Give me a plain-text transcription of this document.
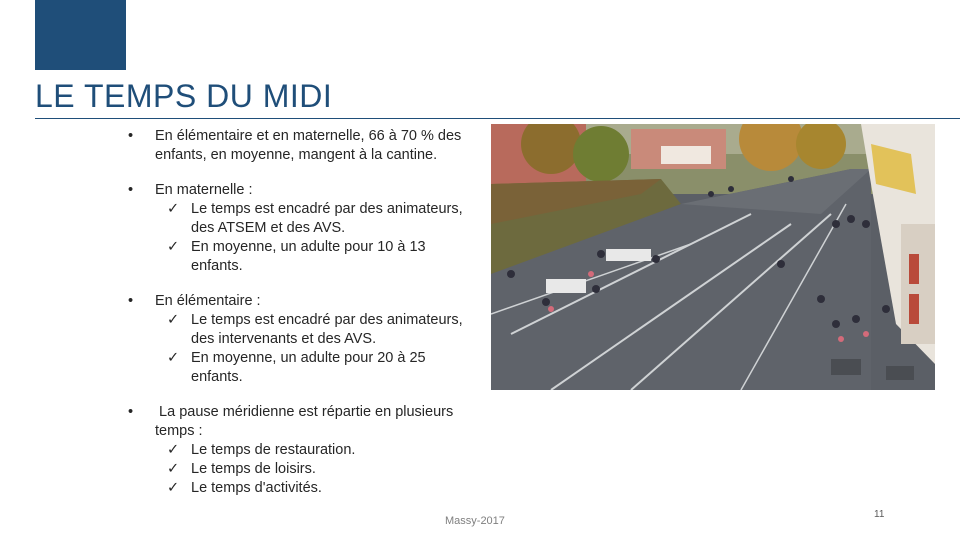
LE TEMPS DU MIDI
•	En élémentaire et en maternelle, 66 à 70 % des enfants, en moyenne, mangent à la cantine.
•	En maternelle :
✓ Le temps est encadré par des animateurs, des ATSEM et des AVS.
✓ En moyenne, un adulte pour 10 à 13 enfants.
•	En élémentaire :
✓ Le temps est encadré par des animateurs, des intervenants et des AVS.
✓ En moyenne, un adulte pour 20 à 25 enfants.
•	La pause méridienne est répartie en plusieurs temps :
✓ Le temps de restauration.
✓ Le temps de loisirs.
✓ Le temps d'activités.
Massy-2017
11
